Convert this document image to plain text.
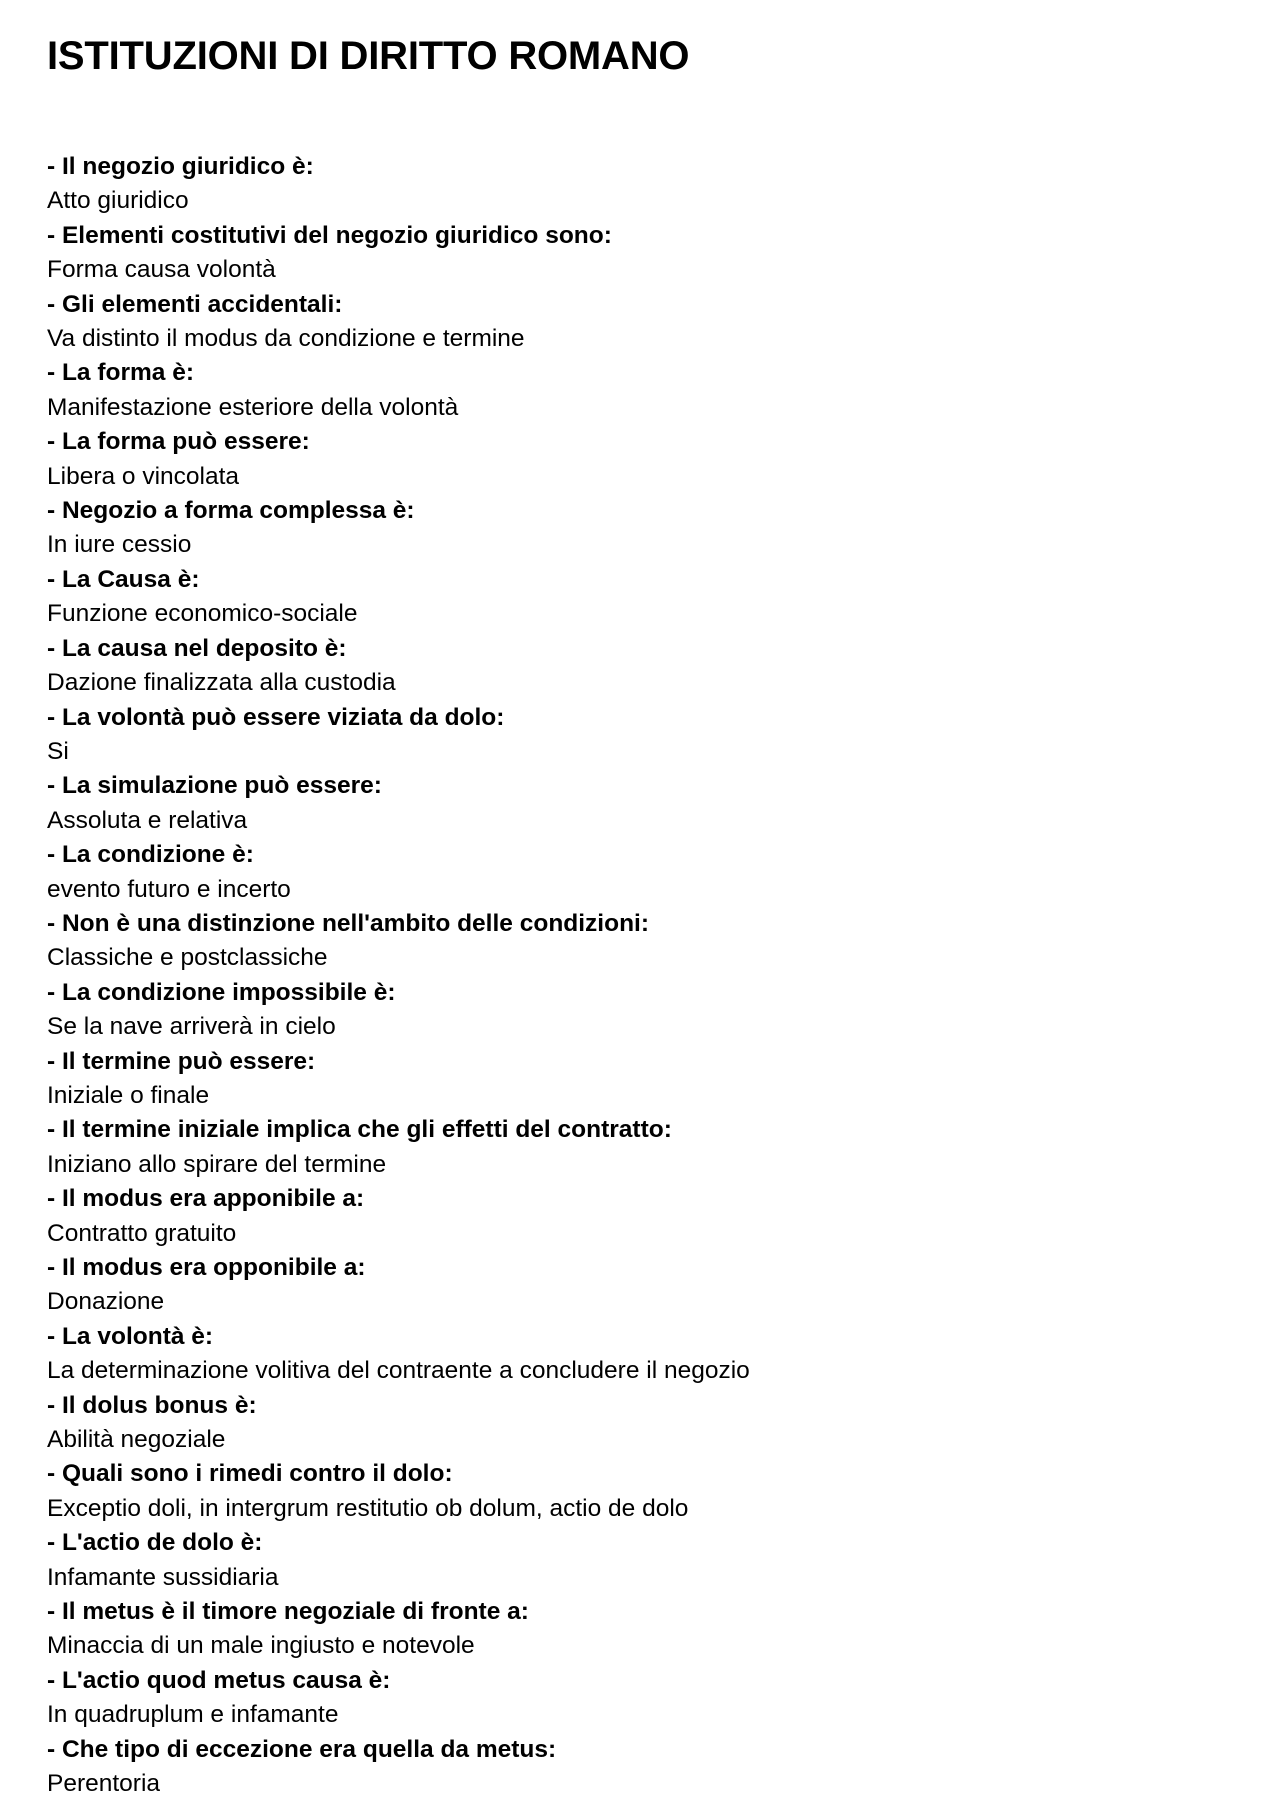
ISTITUZIONI DI DIRITTO ROMANO
- Il negozio giuridico è:
Atto giuridico
- Elementi costitutivi del negozio giuridico sono:
Forma causa volontà
- Gli elementi accidentali:
Va distinto il modus da condizione e termine
- La forma è:
Manifestazione esteriore della volontà
- La forma può essere:
Libera o vincolata
- Negozio a forma complessa è:
In iure cessio
- La Causa è:
Funzione economico-sociale
- La causa nel deposito è:
Dazione finalizzata alla custodia
- La volontà può essere viziata da dolo:
Si
- La simulazione può essere:
Assoluta e relativa
- La condizione è:
evento futuro e incerto
- Non è una distinzione nell'ambito delle condizioni:
Classiche e postclassiche
- La condizione impossibile è:
Se la nave arriverà in cielo
- Il termine può essere:
Iniziale o finale
- Il termine iniziale implica che gli effetti del contratto:
Iniziano allo spirare del termine
- Il modus era apponibile a:
Contratto gratuito
- Il modus era opponibile a:
Donazione
- La volontà è:
La determinazione volitiva del contraente a concludere il negozio
- Il dolus bonus è:
Abilità negoziale
- Quali sono i rimedi contro il dolo:
Exceptio doli, in intergrum restitutio ob dolum, actio de dolo
- L'actio de dolo è:
Infamante sussidiaria
- Il metus è il timore negoziale di fronte a:
Minaccia di un male ingiusto e notevole
- L'actio quod metus causa è:
In quadruplum e infamante
- Che tipo di eccezione era quella da metus:
Perentoria
